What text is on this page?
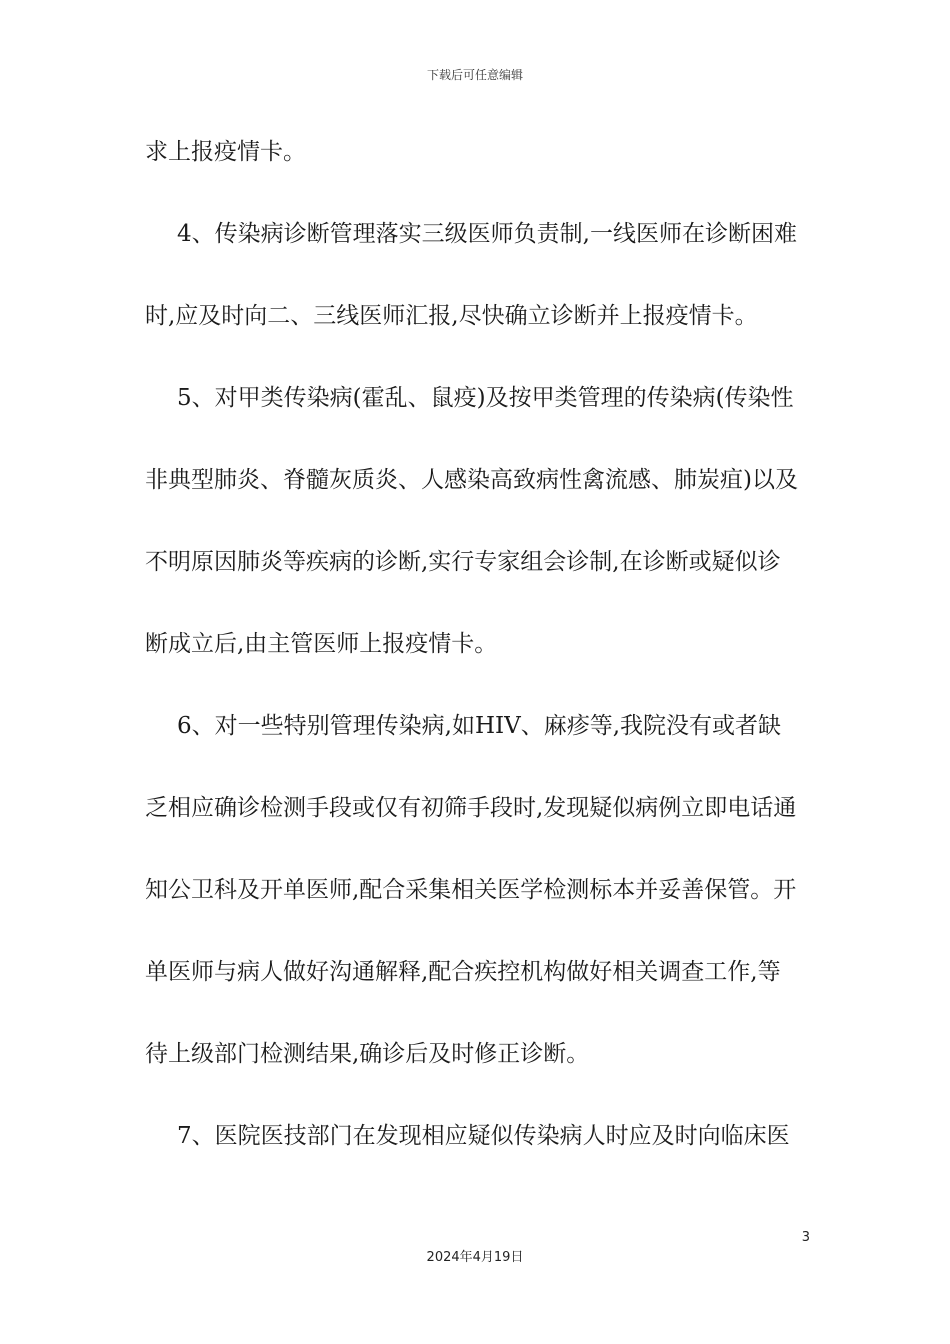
下载后可任意编辑
求上报疫情卡。
4、传染病诊断管理落实三级医师负责制,一线医师在诊断困难
时,应及时向二、三线医师汇报,尽快确立诊断并上报疫情卡。
5、对甲类传染病(霍乱、鼠疫)及按甲类管理的传染病(传染性
非典型肺炎、脊髓灰质炎、人感染高致病性禽流感、肺炭疽)以及
不明原因肺炎等疾病的诊断,实行专家组会诊制,在诊断或疑似诊
断成立后,由主管医师上报疫情卡。
6、对一些特别管理传染病,如HIV、麻疹等,我院没有或者缺
乏相应确诊检测手段或仅有初筛手段时,发现疑似病例立即电话通
知公卫科及开单医师,配合采集相关医学检测标本并妥善保管。开
单医师与病人做好沟通解释,配合疾控机构做好相关调查工作,等
待上级部门检测结果,确诊后及时修正诊断。
7、医院医技部门在发现相应疑似传染病人时应及时向临床医
3
2024年4月19日
